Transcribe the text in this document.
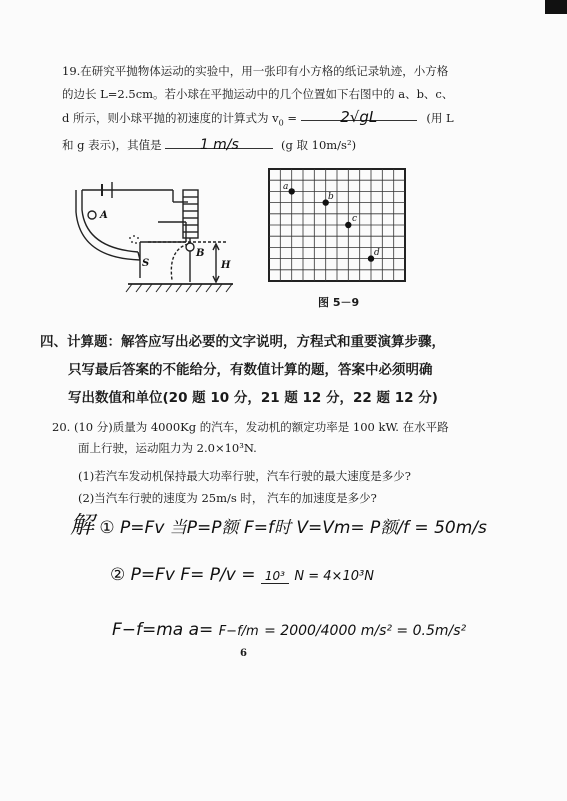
19.在研究平抛物体运动的实验中，用一张印有小方格的纸记录轨迹，小方格
的边长 L=2.5cm。若小球在平抛运动中的几个位置如下右图中的 a、b、c、
d 所示，则小球平抛的初速度的计算式为 $v_0$ =	2√gL	(用 L
和 g 表示)，其值是	1 m/s	(g 取 10m/s²)
A
S
B
H
a
b
c
d
图 5－9
四、计算题：解答应写出必要的文字说明，方程式和重要演算步骤，
只写最后答案的不能给分，有数值计算的题，答案中必须明确
写出数值和单位(20 题 10 分，21 题 12 分，22 题 12 分)
20. (10 分)质量为 4000Kg 的汽车，发动机的额定功率是 100 kW. 在水平路
面上行驶，运动阻力为 2.0×10³N.
(1)若汽车发动机保持最大功率行驶，汽车行驶的最大速度是多少?
(2)当汽车行驶的速度为 25m/s 时， 汽车的加速度是多少?
解 ① P=Fv 当P=P额 F=f时 V=Vm= P额/f = 50m/s
② P=Fv F= P/v = 10³ N = 4×10³N
F−f=ma a= F−f/m = 2000/4000 m/s² = 0.5m/s²
6
